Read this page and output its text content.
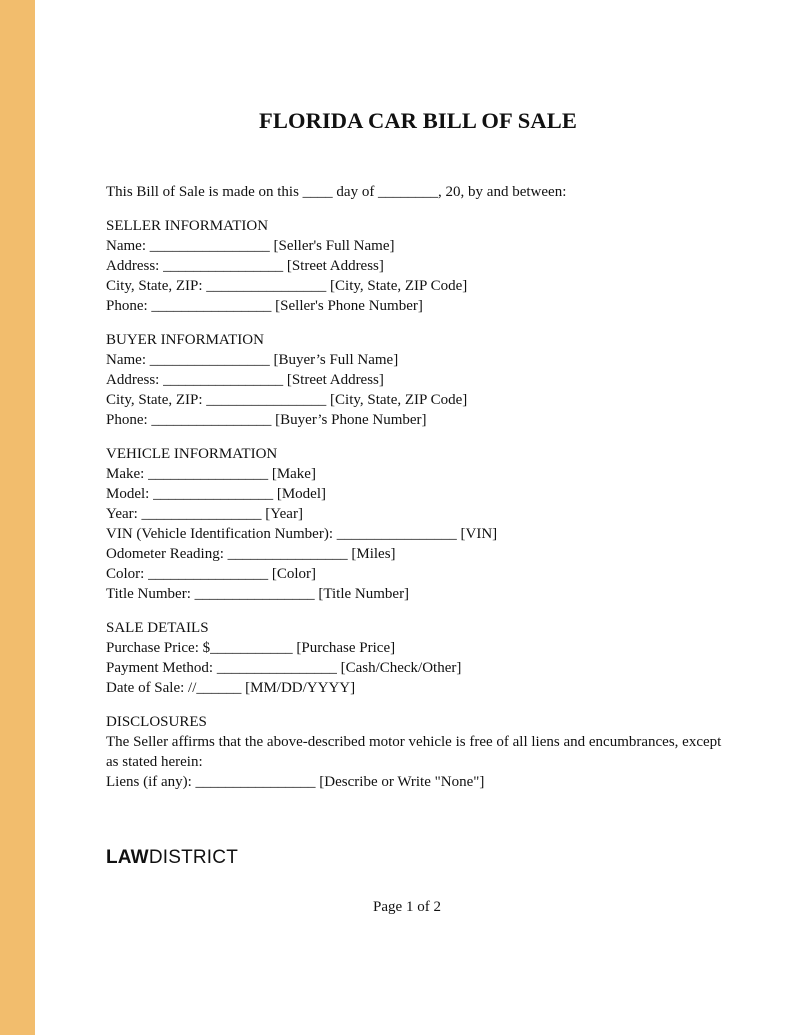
FLORIDA CAR BILL OF SALE
This Bill of Sale is made on this ____ day of ________, 20, by and between:
SELLER INFORMATION
Name: ________________ [Seller's Full Name]
Address: ________________ [Street Address]
City, State, ZIP: ________________ [City, State, ZIP Code]
Phone: ________________ [Seller's Phone Number]
BUYER INFORMATION
Name: ________________ [Buyer’s Full Name]
Address: ________________ [Street Address]
City, State, ZIP: ________________ [City, State, ZIP Code]
Phone: ________________ [Buyer’s Phone Number]
VEHICLE INFORMATION
Make: ________________ [Make]
Model: ________________ [Model]
Year: ________________ [Year]
VIN (Vehicle Identification Number): ________________ [VIN]
Odometer Reading: ________________ [Miles]
Color: ________________ [Color]
Title Number: ________________ [Title Number]
SALE DETAILS
Purchase Price: $___________ [Purchase Price]
Payment Method: ________________ [Cash/Check/Other]
Date of Sale: //______ [MM/DD/YYYY]
DISCLOSURES
The Seller affirms that the above-described motor vehicle is free of all liens and encumbrances, except
as stated herein:
Liens (if any): ________________ [Describe or Write "None"]
LAWDISTRICT
Page 1 of 2
